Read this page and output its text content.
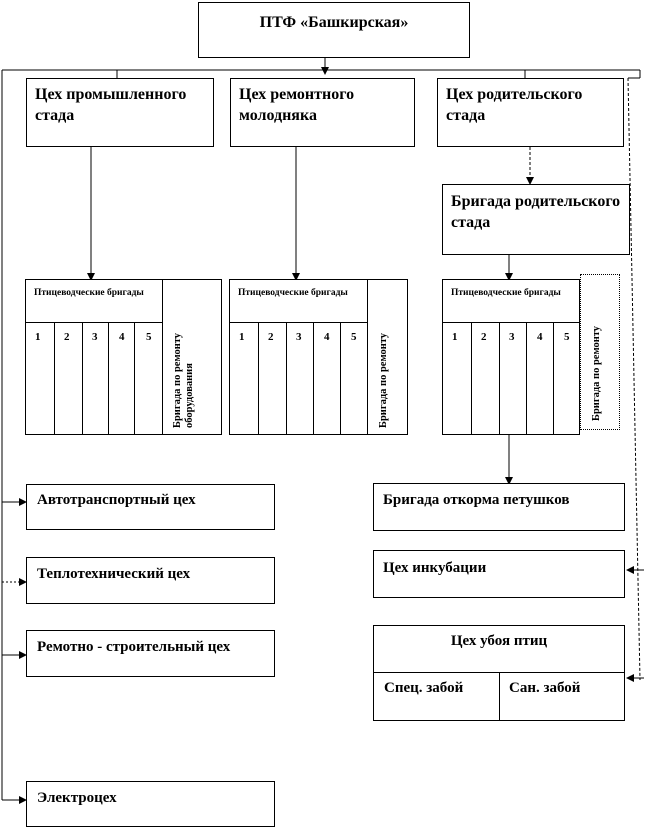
ПТФ «Башкирская»
Цех промышленного стада
Цех ремонтного молодняка
Цех родительского стада
Бригада родительского стада
Птицеводческие бригады
1 2 3 4 5 Бригада по ремонту оборудования
Птицеводческие бригады
1 2 3 4 5 Бригада по ремонту
Птицеводческие бригады
1 2 3 4 5 Бригада по ремонту
Автотранспортный цех
Теплотехнический цех
Ремотно - строительный цех
Электроцех
Бригада откорма петушков
Цех инкубации
Цех убоя птиц
Спец. забой	Сан. забой
